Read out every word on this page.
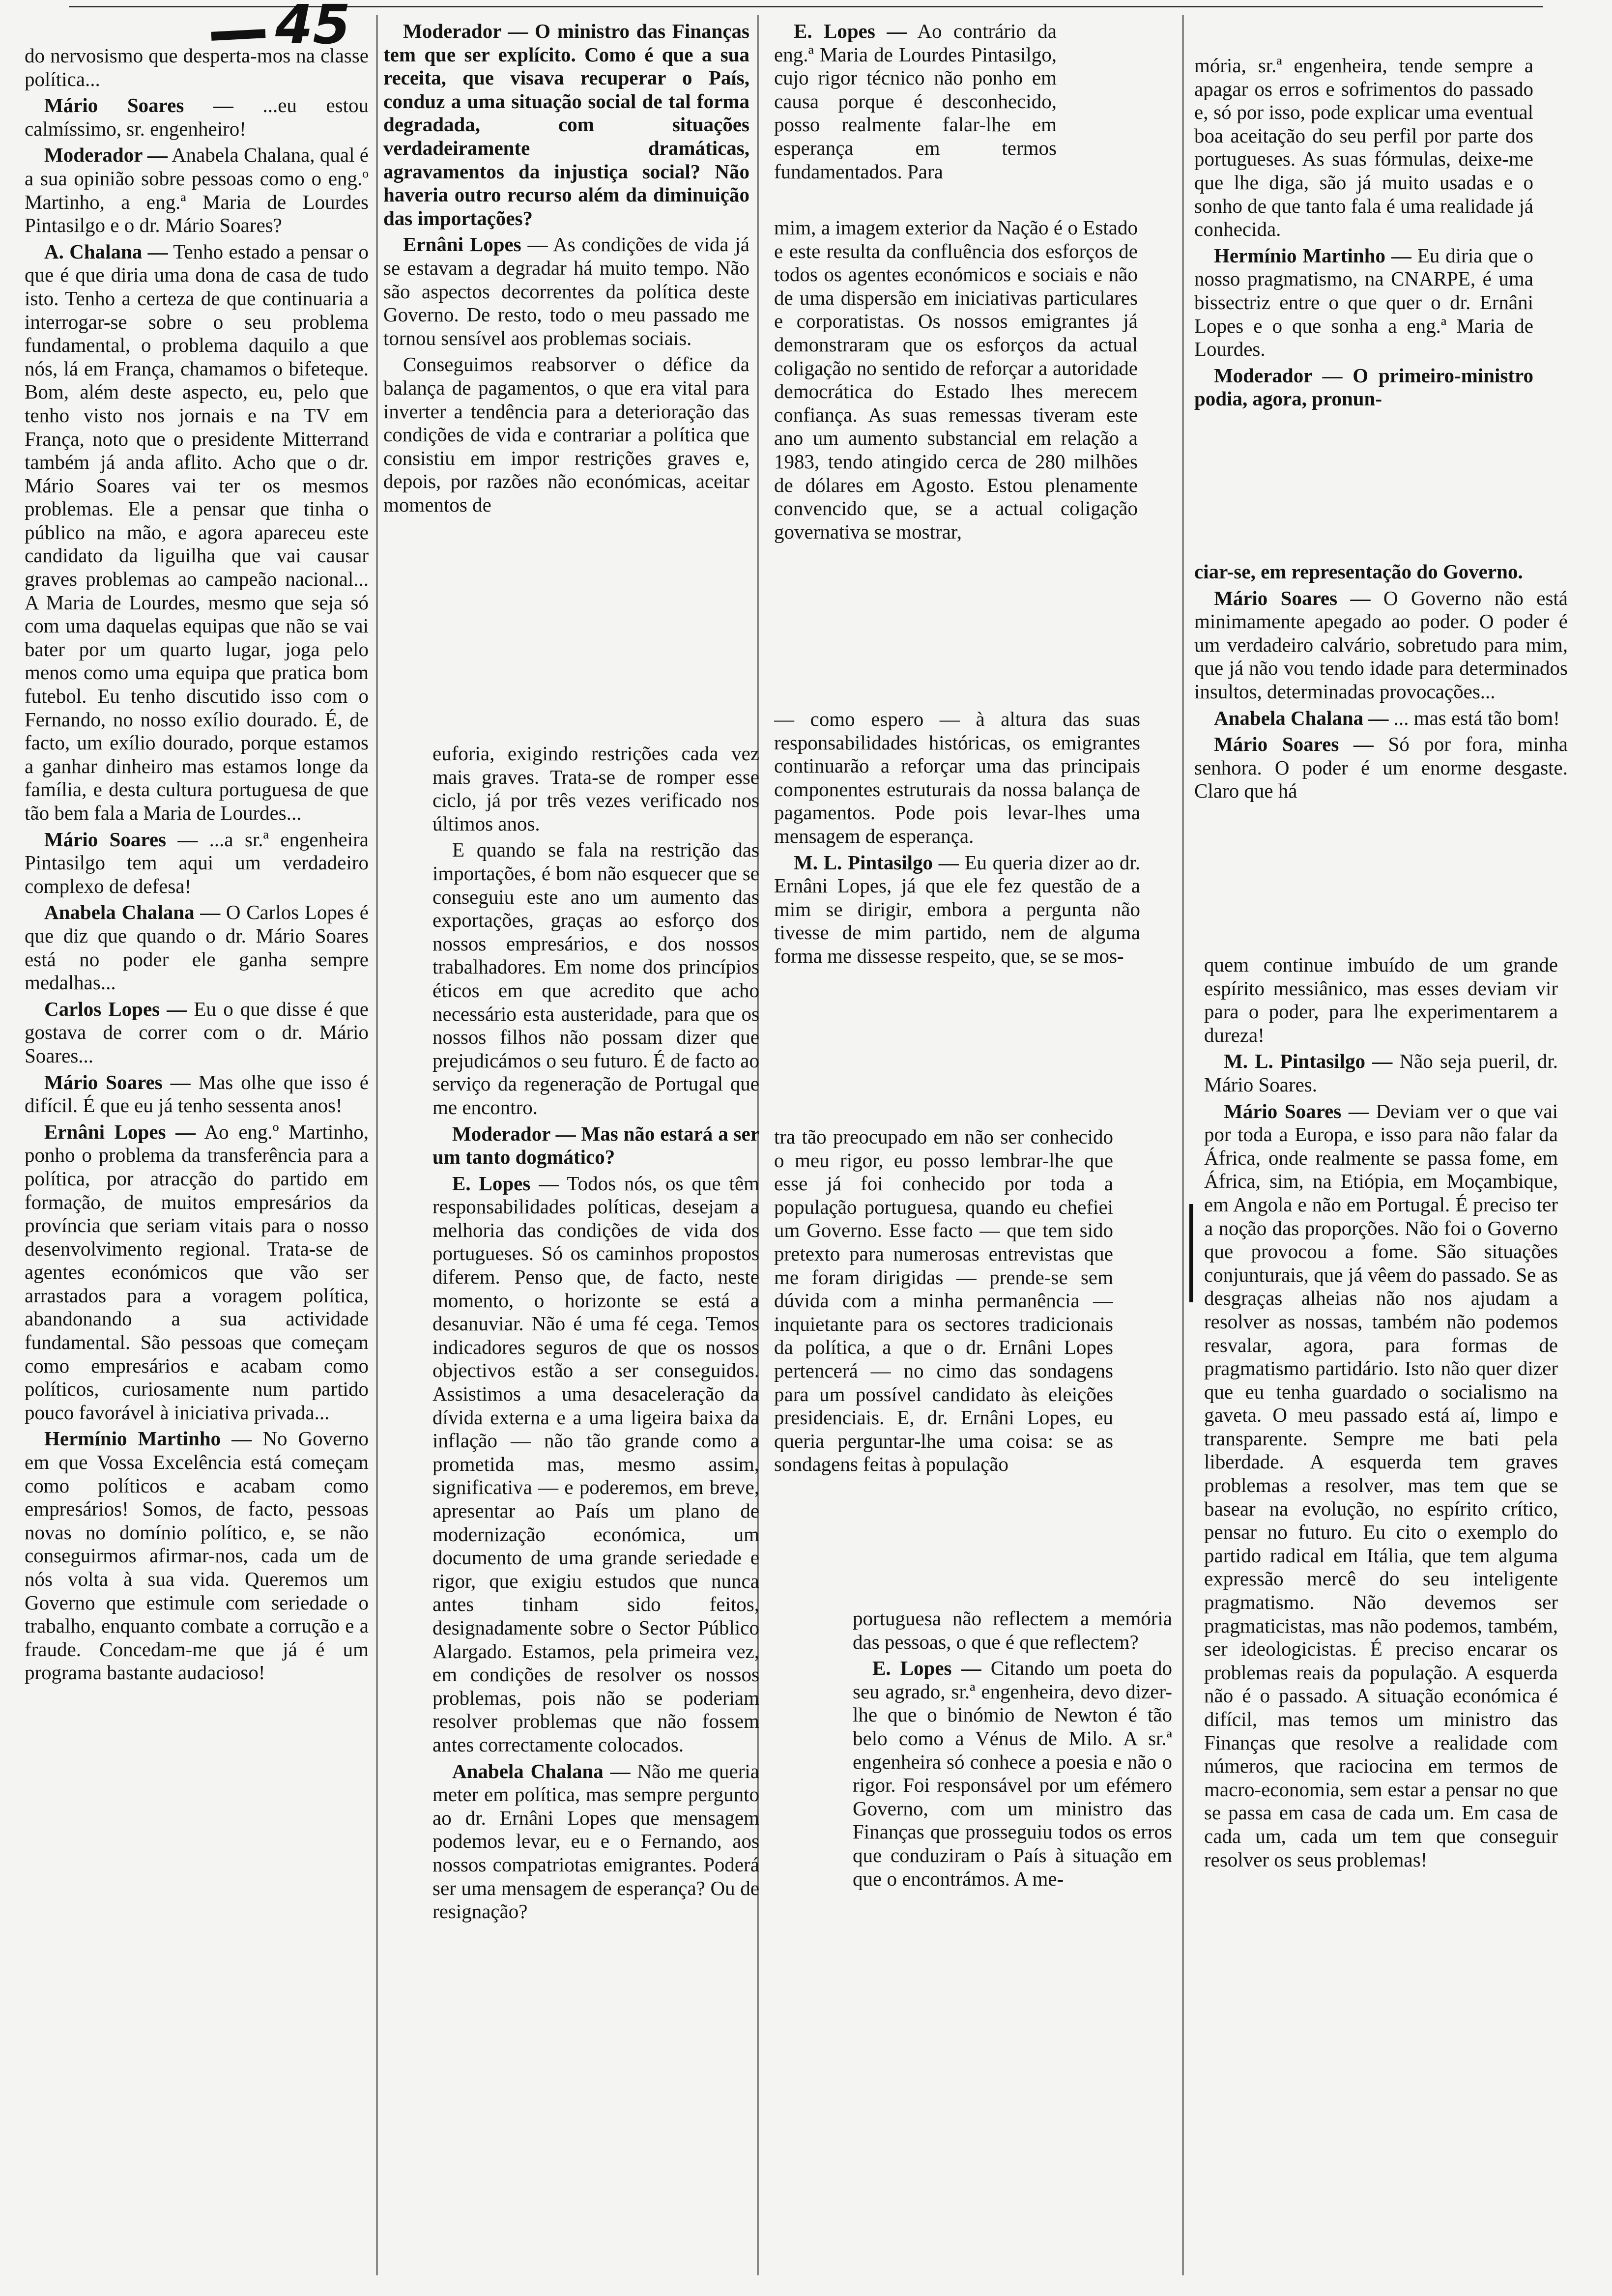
45

do nervosismo que desperta-mos na classe política...

Mário Soares — ...eu estou calmíssimo, sr. engenheiro!

Moderador — Anabela Chalana, qual é a sua opinião sobre pessoas como o eng.º Martinho, a eng.ª Maria de Lourdes Pintasilgo e o dr. Mário Soares?

A. Chalana — Tenho estado a pensar o que é que diria uma dona de casa de tudo isto. Tenho a certeza de que continuaria a interrogar-se sobre o seu problema fundamental, o problema daquilo a que nós, lá em França, chamamos o bifeteque. Bom, além deste aspecto, eu, pelo que tenho visto nos jornais e na TV em França, noto que o presidente Mitterrand também já anda aflito. Acho que o dr. Mário Soares vai ter os mesmos problemas. Ele a pensar que tinha o público na mão, e agora apareceu este candidato da liguilha que vai causar graves problemas ao campeão nacional... A Maria de Lourdes, mesmo que seja só com uma daquelas equipas que não se vai bater por um quarto lugar, joga pelo menos como uma equipa que pratica bom futebol. Eu tenho discutido isso com o Fernando, no nosso exílio dourado. É, de facto, um exílio dourado, porque estamos a ganhar dinheiro mas estamos longe da família, e desta cultura portuguesa de que tão bem fala a Maria de Lourdes...

Mário Soares — ...a sr.ª engenheira Pintasilgo tem aqui um verdadeiro complexo de defesa!

Anabela Chalana — O Carlos Lopes é que diz que quando o dr. Mário Soares está no poder ele ganha sempre medalhas...

Carlos Lopes — Eu o que disse é que gostava de correr com o dr. Mário Soares...

Mário Soares — Mas olhe que isso é difícil. É que eu já tenho sessenta anos!

Ernâni Lopes — Ao eng.º Martinho, ponho o problema da transferência para a política, por atracção do partido em formação, de muitos empresários da província que seriam vitais para o nosso desenvolvimento regional. Trata-se de agentes económicos que vão ser arrastados para a voragem política, abandonando a sua actividade fundamental. São pessoas que começam como empresários e acabam como políticos, curiosamente num partido pouco favorável à iniciativa privada...

Hermínio Martinho — No Governo em que Vossa Excelência está começam como políticos e acabam como empresários! Somos, de facto, pessoas novas no domínio político, e, se não conseguirmos afirmar-nos, cada um de nós volta à sua vida. Queremos um Governo que estimule com seriedade o trabalho, enquanto combate a corrução e a fraude. Concedam-me que já é um programa bastante audacioso!

Moderador — O ministro das Finanças tem que ser explícito. Como é que a sua receita, que visava recuperar o País, conduz a uma situação social de tal forma degradada, com situações verdadeiramente dramáticas, agravamentos da injustiça social? Não haveria outro recurso além da diminuição das importações?

Ernâni Lopes — As condições de vida já se estavam a degradar há muito tempo. Não são aspectos decorrentes da política deste Governo. De resto, todo o meu passado me tornou sensível aos problemas sociais.

Conseguimos reabsorver o défice da balança de pagamentos, o que era vital para inverter a tendência para a deterioração das condições de vida e contrariar a política que consistiu em impor restrições graves e, depois, por razões não económicas, aceitar momentos de

euforia, exigindo restrições cada vez mais graves. Trata-se de romper esse ciclo, já por três vezes verificado nos últimos anos.

E quando se fala na restrição das importações, é bom não esquecer que se conseguiu este ano um aumento das exportações, graças ao esforço dos nossos empresários, e dos nossos trabalhadores. Em nome dos princípios éticos em que acredito que acho necessário esta austeridade, para que os nossos filhos não possam dizer que prejudicámos o seu futuro. É de facto ao serviço da regeneração de Portugal que me encontro.

Moderador — Mas não estará a ser um tanto dogmático?

E. Lopes — Todos nós, os que têm responsabilidades políticas, desejam a melhoria das condições de vida dos portugueses. Só os caminhos propostos diferem. Penso que, de facto, neste momento, o horizonte se está a desanuviar. Não é uma fé cega. Temos indicadores seguros de que os nossos objectivos estão a ser conseguidos. Assistimos a uma desaceleração da dívida externa e a uma ligeira baixa da inflação — não tão grande como a prometida mas, mesmo assim, significativa — e poderemos, em breve, apresentar ao País um plano de modernização económica, um documento de uma grande seriedade e rigor, que exigiu estudos que nunca antes tinham sido feitos, designadamente sobre o Sector Público Alargado. Estamos, pela primeira vez, em condições de resolver os nossos problemas, pois não se poderiam resolver problemas que não fossem antes correctamente colocados.

Anabela Chalana — Não me queria meter em política, mas sempre pergunto ao dr. Ernâni Lopes que mensagem podemos levar, eu e o Fernando, aos nossos compatriotas emigrantes. Poderá ser uma mensagem de esperança? Ou de resignação?

E. Lopes — Ao contrário da eng.ª Maria de Lourdes Pintasilgo, cujo rigor técnico não ponho em causa porque é desconhecido, posso realmente falar-lhe em esperança em termos fundamentados. Para

mim, a imagem exterior da Nação é o Estado e este resulta da confluência dos esforços de todos os agentes económicos e sociais e não de uma dispersão em iniciativas particulares e corporatistas. Os nossos emigrantes já demonstraram que os esforços da actual coligação no sentido de reforçar a autoridade democrática do Estado lhes merecem confiança. As suas remessas tiveram este ano um aumento substancial em relação a 1983, tendo atingido cerca de 280 milhões de dólares em Agosto. Estou plenamente convencido que, se a actual coligação governativa se mostrar,

— como espero — à altura das suas responsabilidades históricas, os emigrantes continuarão a reforçar uma das principais componentes estruturais da nossa balança de pagamentos. Pode pois levar-lhes uma mensagem de esperança.

M. L. Pintasilgo — Eu queria dizer ao dr. Ernâni Lopes, já que ele fez questão de a mim se dirigir, embora a pergunta não tivesse de mim partido, nem de alguma forma me dissesse respeito, que, se se mos-

tra tão preocupado em não ser conhecido o meu rigor, eu posso lembrar-lhe que esse já foi conhecido por toda a população portuguesa, quando eu chefiei um Governo. Esse facto — que tem sido pretexto para numerosas entrevistas que me foram dirigidas — prende-se sem dúvida com a minha permanência — inquietante para os sectores tradicionais da política, a que o dr. Ernâni Lopes pertencerá — no cimo das sondagens para um possível candidato às eleições presidenciais. E, dr. Ernâni Lopes, eu queria perguntar-lhe uma coisa: se as sondagens feitas à população

portuguesa não reflectem a memória das pessoas, o que é que reflectem?

E. Lopes — Citando um poeta do seu agrado, sr.ª engenheira, devo dizer-lhe que o binómio de Newton é tão belo como a Vénus de Milo. A sr.ª engenheira só conhece a poesia e não o rigor. Foi responsável por um efémero Governo, com um ministro das Finanças que prosseguiu todos os erros que conduziram o País à situação em que o encontrámos. A me-

mória, sr.ª engenheira, tende sempre a apagar os erros e sofrimentos do passado e, só por isso, pode explicar uma eventual boa aceitação do seu perfil por parte dos portugueses. As suas fórmulas, deixe-me que lhe diga, são já muito usadas e o sonho de que tanto fala é uma realidade já conhecida.

Hermínio Martinho — Eu diria que o nosso pragmatismo, na CNARPE, é uma bissectriz entre o que quer o dr. Ernâni Lopes e o que sonha a eng.ª Maria de Lourdes.

Moderador — O primeiro-ministro podia, agora, pronun-

ciar-se, em representação do Governo.

Mário Soares — O Governo não está minimamente apegado ao poder. O poder é um verdadeiro calvário, sobretudo para mim, que já não vou tendo idade para determinados insultos, determinadas provocações...

Anabela Chalana — ... mas está tão bom!

Mário Soares — Só por fora, minha senhora. O poder é um enorme desgaste. Claro que há

quem continue imbuído de um grande espírito messiânico, mas esses deviam vir para o poder, para lhe experimentarem a dureza!

M. L. Pintasilgo — Não seja pueril, dr. Mário Soares.

Mário Soares — Deviam ver o que vai por toda a Europa, e isso para não falar da África, onde realmente se passa fome, em África, sim, na Etiópia, em Moçambique, em Angola e não em Portugal. É preciso ter a noção das proporções. Não foi o Governo que provocou a fome. São situações conjunturais, que já vêem do passado. Se as desgraças alheias não nos ajudam a resolver as nossas, também não podemos resvalar, agora, para formas de pragmatismo partidário. Isto não quer dizer que eu tenha guardado o socialismo na gaveta. O meu passado está aí, limpo e transparente. Sempre me bati pela liberdade. A esquerda tem graves problemas a resolver, mas tem que se basear na evolução, no espírito crítico, pensar no futuro. Eu cito o exemplo do partido radical em Itália, que tem alguma expressão mercê do seu inteligente pragmatismo. Não devemos ser pragmaticistas, mas não podemos, também, ser ideologicistas. É preciso encarar os problemas reais da população. A esquerda não é o passado. A situação económica é difícil, mas temos um ministro das Finanças que resolve a realidade com números, que raciocina em termos de macro-economia, sem estar a pensar no que se passa em casa de cada um. Em casa de cada um, cada um tem que conseguir resolver os seus problemas!
